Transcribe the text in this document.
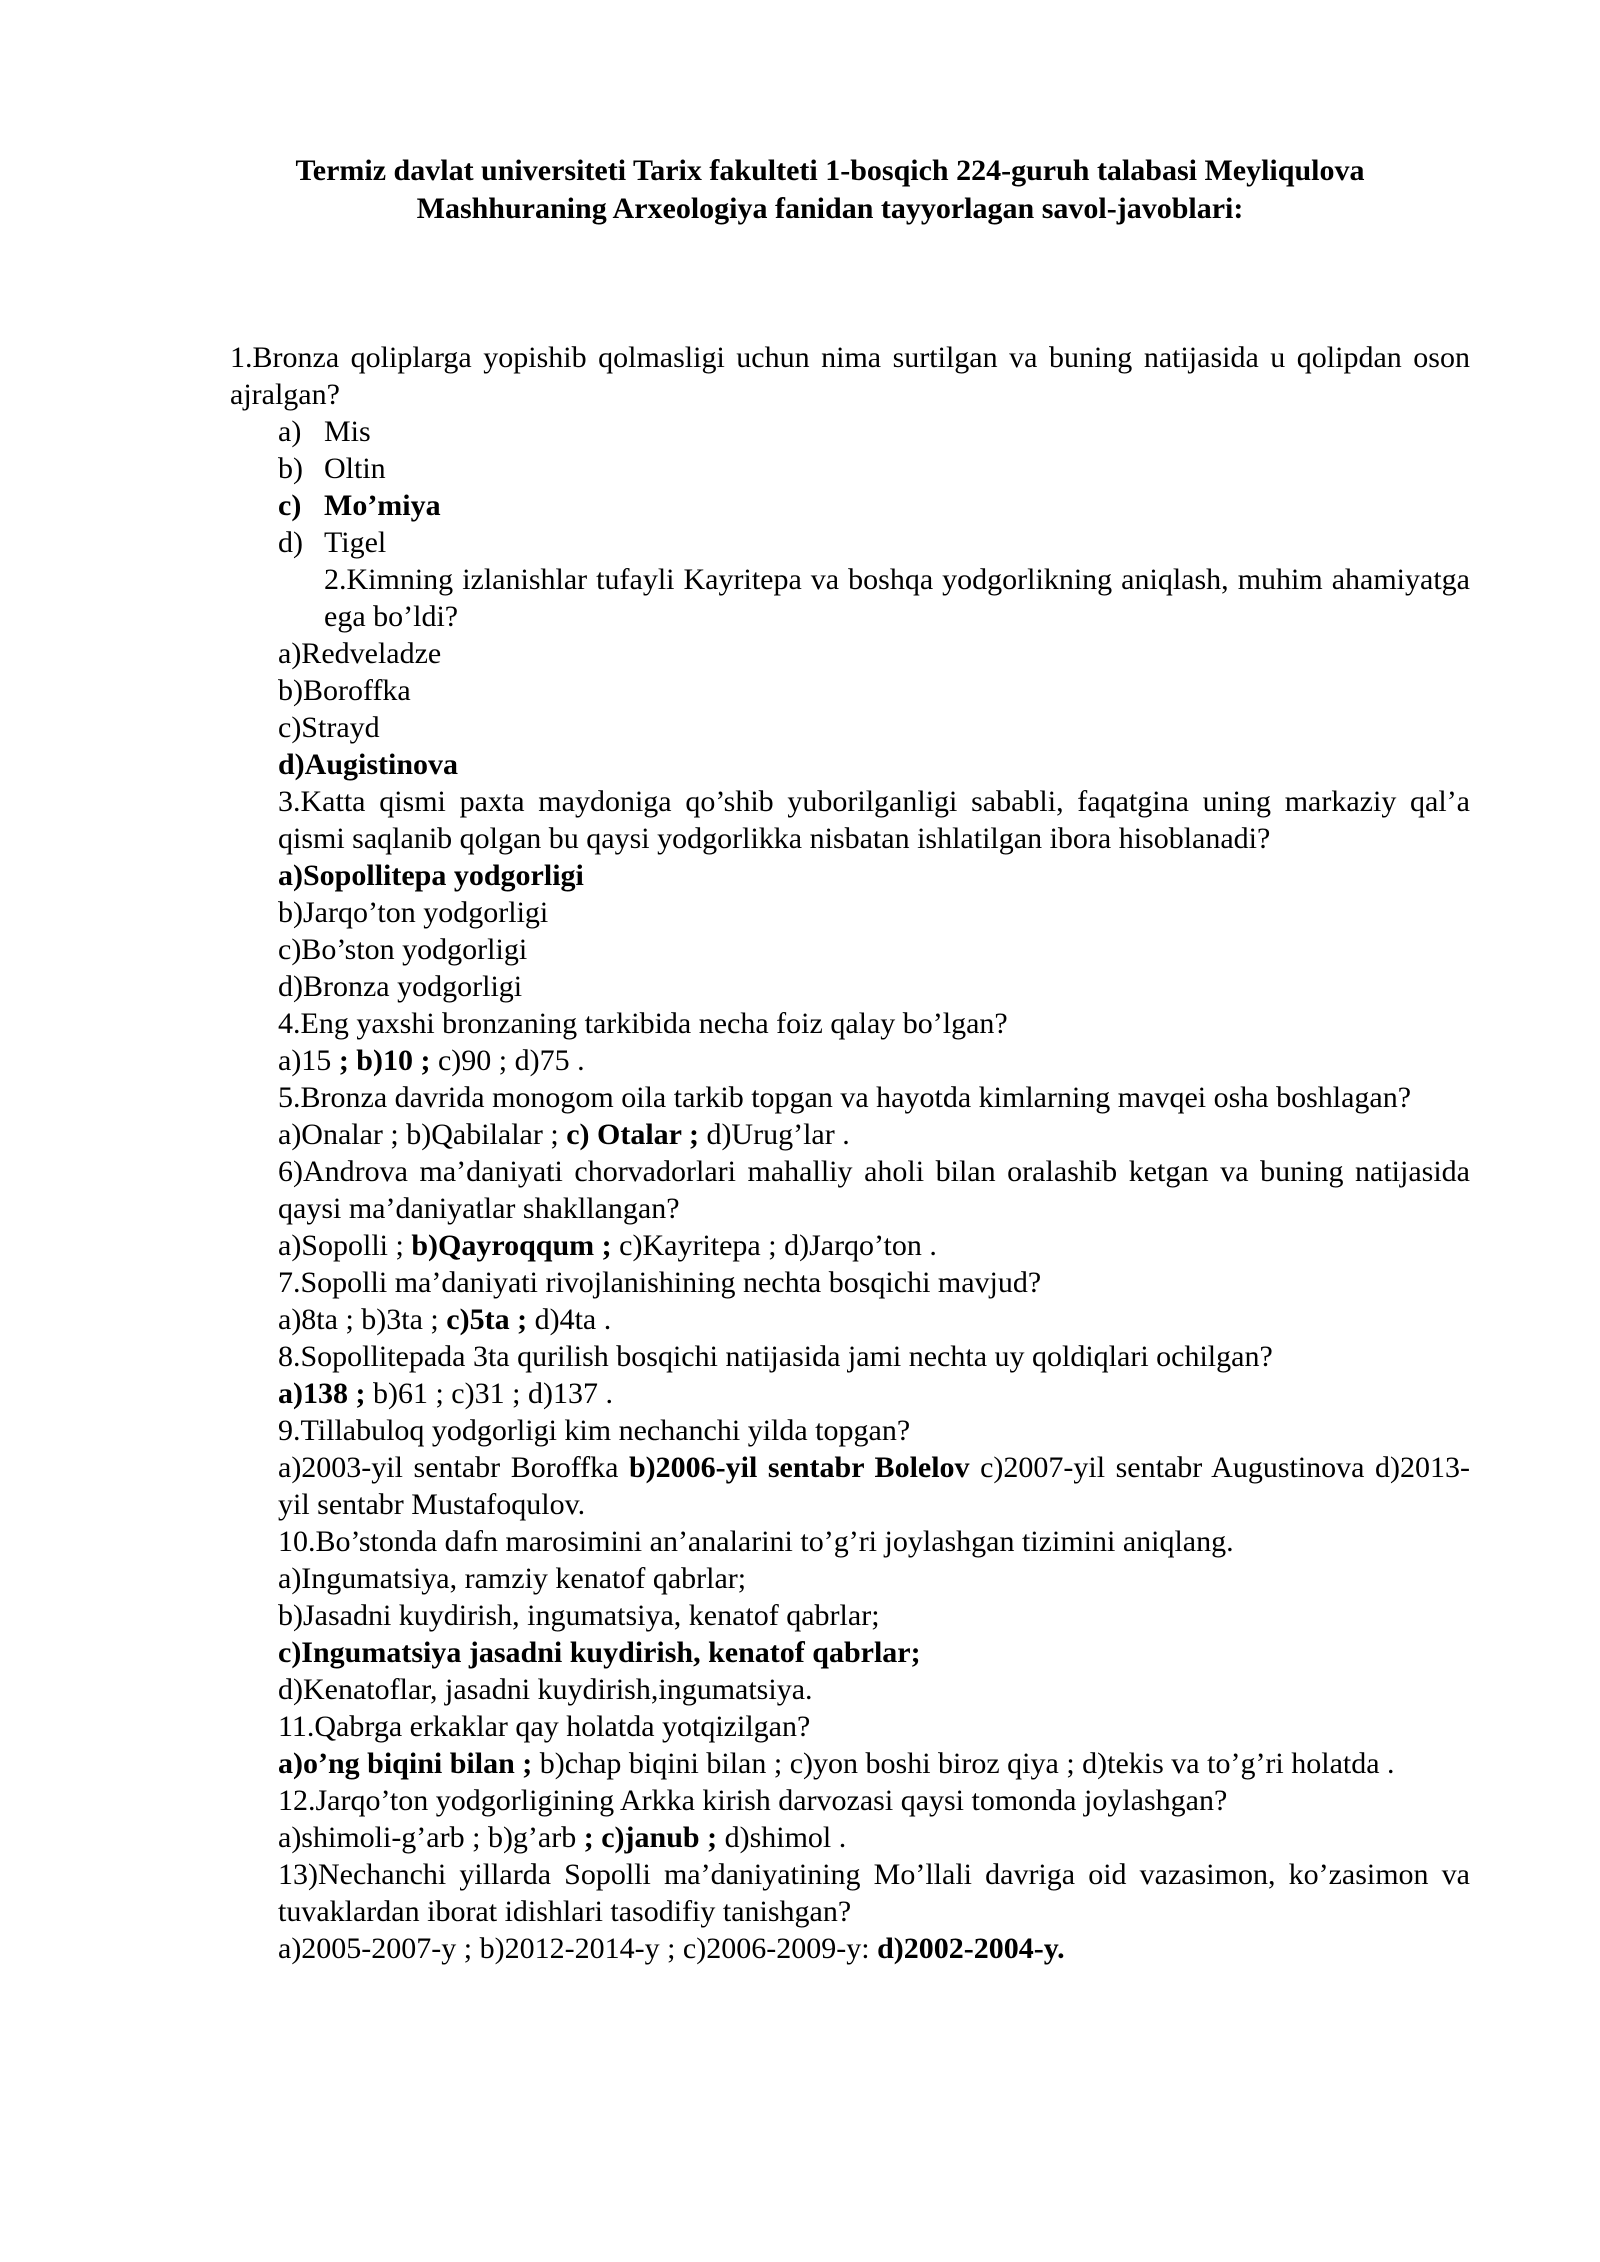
Termiz davlat universiteti Tarix fakulteti 1-bosqich 224-guruh talabasi Meyliqulova
Mashhuraning Arxeologiya fanidan tayyorlagan savol-javoblari:
1.Bronza qoliplarga yopishib qolmasligi uchun nima surtilgan va buning natijasida u qolipdan oson ajralgan?
a) Mis
b) Oltin
c) Mo’miya
d) Tigel
2.Kimning izlanishlar tufayli Kayritepa va boshqa yodgorlikning aniqlash, muhim ahamiyatga ega bo’ldi?
a)Redveladze
b)Boroffka
c)Strayd
d)Augistinova
3.Katta qismi paxta maydoniga qo’shib yuborilganligi sababli, faqatgina uning markaziy qal’a qismi saqlanib qolgan bu qaysi yodgorlikka nisbatan ishlatilgan ibora hisoblanadi?
a)Sopollitepa yodgorligi
b)Jarqo’ton yodgorligi
c)Bo’ston yodgorligi
d)Bronza yodgorligi
4.Eng yaxshi bronzaning tarkibida necha foiz qalay bo’lgan?
a)15 ; b)10 ; c)90 ; d)75 .
5.Bronza davrida monogom oila tarkib topgan va hayotda kimlarning mavqei osha boshlagan?
a)Onalar ; b)Qabilalar ; c) Otalar ; d)Urug’lar .
6)Androva ma’daniyati chorvadorlari mahalliy aholi bilan oralashib ketgan va buning natijasida qaysi ma’daniyatlar shakllangan?
a)Sopolli ; b)Qayroqqum ; c)Kayritepa ; d)Jarqo’ton .
7.Sopolli ma’daniyati rivojlanishining nechta bosqichi mavjud?
a)8ta ; b)3ta ; c)5ta ; d)4ta .
8.Sopollitepada 3ta qurilish bosqichi natijasida jami nechta uy qoldiqlari ochilgan?
a)138 ; b)61 ; c)31 ; d)137 .
9.Tillabuloq yodgorligi kim nechanchi yilda topgan?
a)2003-yil sentabr Boroffka b)2006-yil sentabr Bolelov c)2007-yil sentabr Augustinova d)2013-yil sentabr Mustafoqulov.
10.Bo’stonda dafn marosimini an’analarini to’g’ri joylashgan tizimini aniqlang.
a)Ingumatsiya, ramziy kenatof qabrlar;
b)Jasadni kuydirish, ingumatsiya, kenatof qabrlar;
c)Ingumatsiya jasadni kuydirish, kenatof qabrlar;
d)Kenatoflar, jasadni kuydirish,ingumatsiya.
11.Qabrga erkaklar qay holatda yotqizilgan?
a)o’ng biqini bilan ; b)chap biqini bilan ; c)yon boshi biroz qiya ; d)tekis va to’g’ri holatda .
12.Jarqo’ton yodgorligining Arkka kirish darvozasi qaysi tomonda joylashgan?
a)shimoli-g’arb ; b)g’arb ; c)janub ; d)shimol .
13)Nechanchi yillarda Sopolli ma’daniyatining Mo’llali davriga oid vazasimon, ko’zasimon va tuvaklardan iborat idishlari tasodifiy tanishgan?
a)2005-2007-y ; b)2012-2014-y ; c)2006-2009-y: d)2002-2004-y.
